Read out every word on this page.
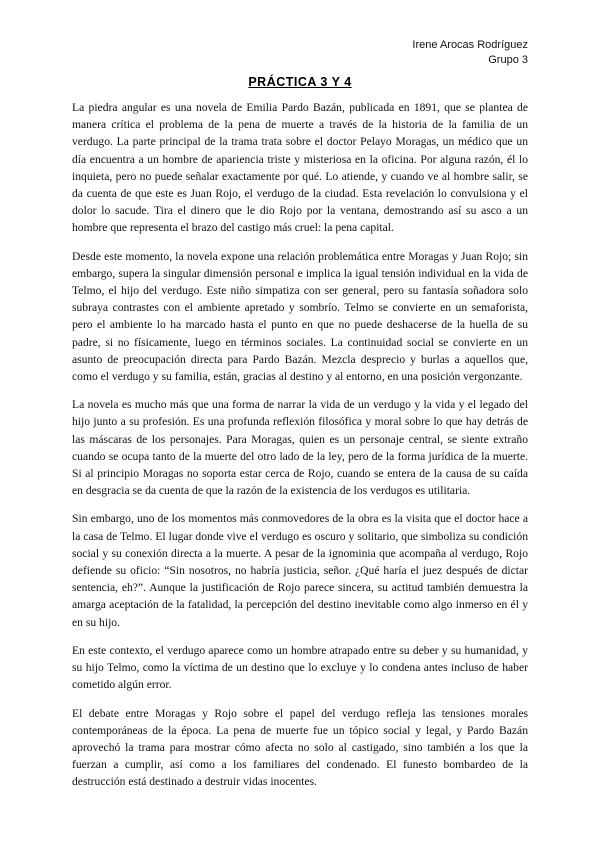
Irene Arocas Rodríguez
Grupo 3
PRÁCTICA 3 Y 4

La piedra angular es una novela de Emilia Pardo Bazán, publicada en 1891, que se plantea de manera crítica el problema de la pena de muerte a través de la historia de la familia de un verdugo. La parte principal de la trama trata sobre el doctor Pelayo Moragas, un médico que un día encuentra a un hombre de apariencia triste y misteriosa en la oficina. Por alguna razón, él lo inquieta, pero no puede señalar exactamente por qué. Lo atiende, y cuando ve al hombre salir, se da cuenta de que este es Juan Rojo, el verdugo de la ciudad. Esta revelación lo convulsiona y el dolor lo sacude. Tira el dinero que le dio Rojo por la ventana, demostrando así su asco a un hombre que representa el brazo del castigo más cruel: la pena capital.

Desde este momento, la novela expone una relación problemática entre Moragas y Juan Rojo; sin embargo, supera la singular dimensión personal e implica la igual tensión individual en la vida de Telmo, el hijo del verdugo. Este niño simpatiza con ser general, pero su fantasía soñadora solo subraya contrastes con el ambiente apretado y sombrío. Telmo se convierte en un semaforista, pero el ambiente lo ha marcado hasta el punto en que no puede deshacerse de la huella de su padre, si no físicamente, luego en términos sociales. La continuidad social se convierte en un asunto de preocupación directa para Pardo Bazán. Mezcla desprecio y burlas a aquellos que, como el verdugo y su familia, están, gracias al destino y al entorno, en una posición vergonzante.

La novela es mucho más que una forma de narrar la vida de un verdugo y la vida y el legado del hijo junto a su profesión. Es una profunda reflexión filosófica y moral sobre lo que hay detrás de las máscaras de los personajes. Para Moragas, quien es un personaje central, se siente extraño cuando se ocupa tanto de la muerte del otro lado de la ley, pero de la forma jurídica de la muerte. Si al principio Moragas no soporta estar cerca de Rojo, cuando se entera de la causa de su caída en desgracia se da cuenta de que la razón de la existencia de los verdugos es utilitaria.

Sin embargo, uno de los momentos más conmovedores de la obra es la visita que el doctor hace a la casa de Telmo. El lugar donde vive el verdugo es oscuro y solitario, que simboliza su condición social y su conexión directa a la muerte. A pesar de la ignominia que acompaña al verdugo, Rojo defiende su oficio: “Sin nosotros, no habría justicia, señor. ¿Qué haría el juez después de dictar sentencia, eh?”. Aunque la justificación de Rojo parece sincera, su actitud también demuestra la amarga aceptación de la fatalidad, la percepción del destino inevitable como algo inmerso en él y en su hijo.

En este contexto, el verdugo aparece como un hombre atrapado entre su deber y su humanidad, y su hijo Telmo, como la víctima de un destino que lo excluye y lo condena antes incluso de haber cometido algún error.

El debate entre Moragas y Rojo sobre el papel del verdugo refleja las tensiones morales contemporáneas de la época. La pena de muerte fue un tópico social y legal, y Pardo Bazán aprovechó la trama para mostrar cómo afecta no solo al castigado, sino también a los que la fuerzan a cumplir, así como a los familiares del condenado. El funesto bombardeo de la destrucción está destinado a destruir vidas inocentes.
